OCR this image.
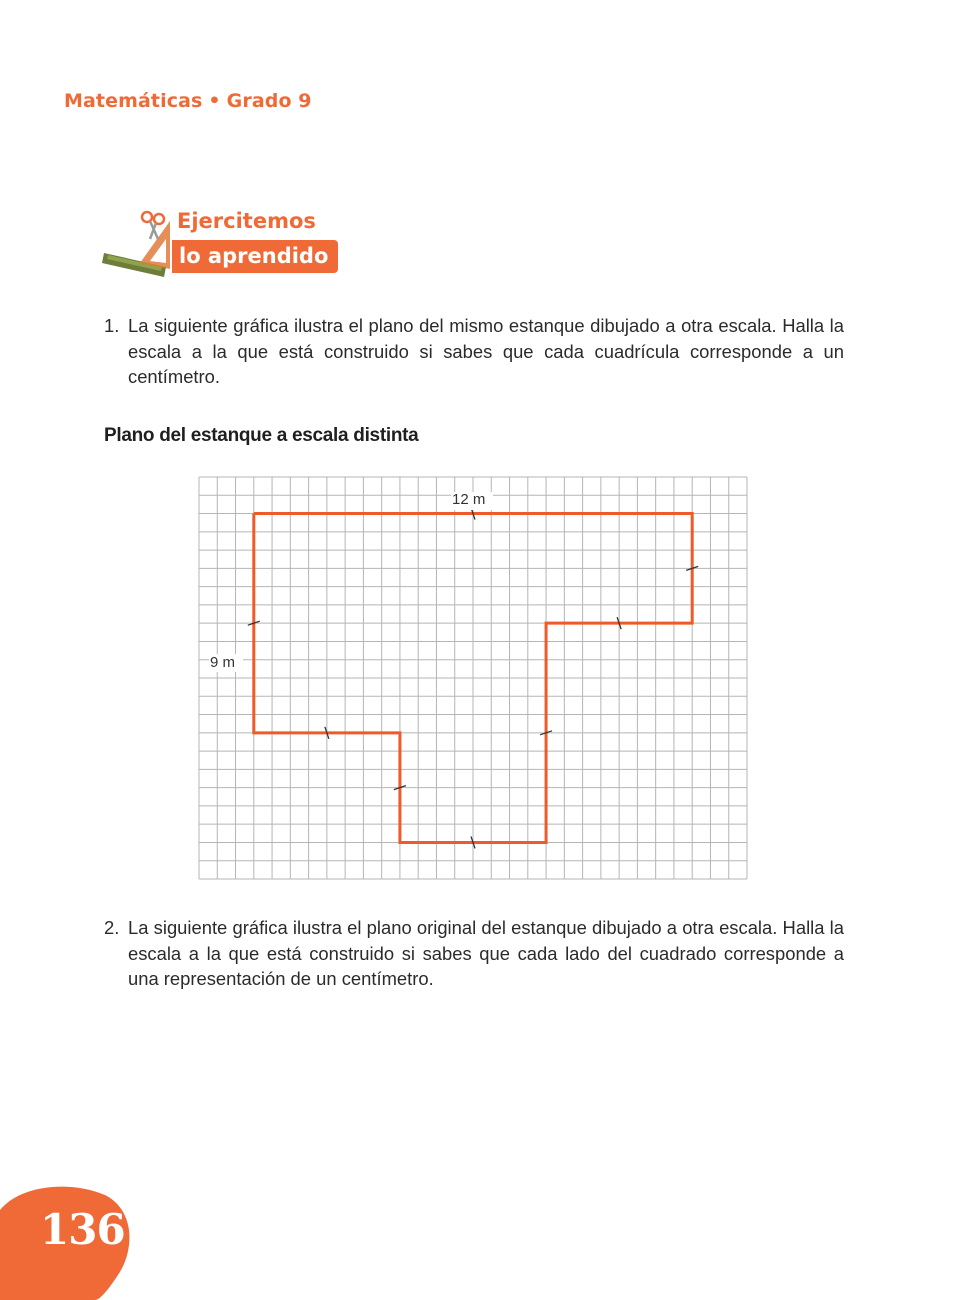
Matemáticas • Grado 9
Ejercitemos
lo aprendido
1. La siguiente gráfica ilustra el plano del mismo estanque dibujado a otra escala. Halla la escala a la que está construido si sabes que cada cuadrícula corresponde a un centímetro.
Plano del estanque a escala distinta
12 m
9 m
2. La siguiente gráfica ilustra el plano original del estanque dibujado a otra escala. Halla la escala a la que está construido si sabes que cada lado del cuadrado corresponde a una representación de un centímetro.
136
